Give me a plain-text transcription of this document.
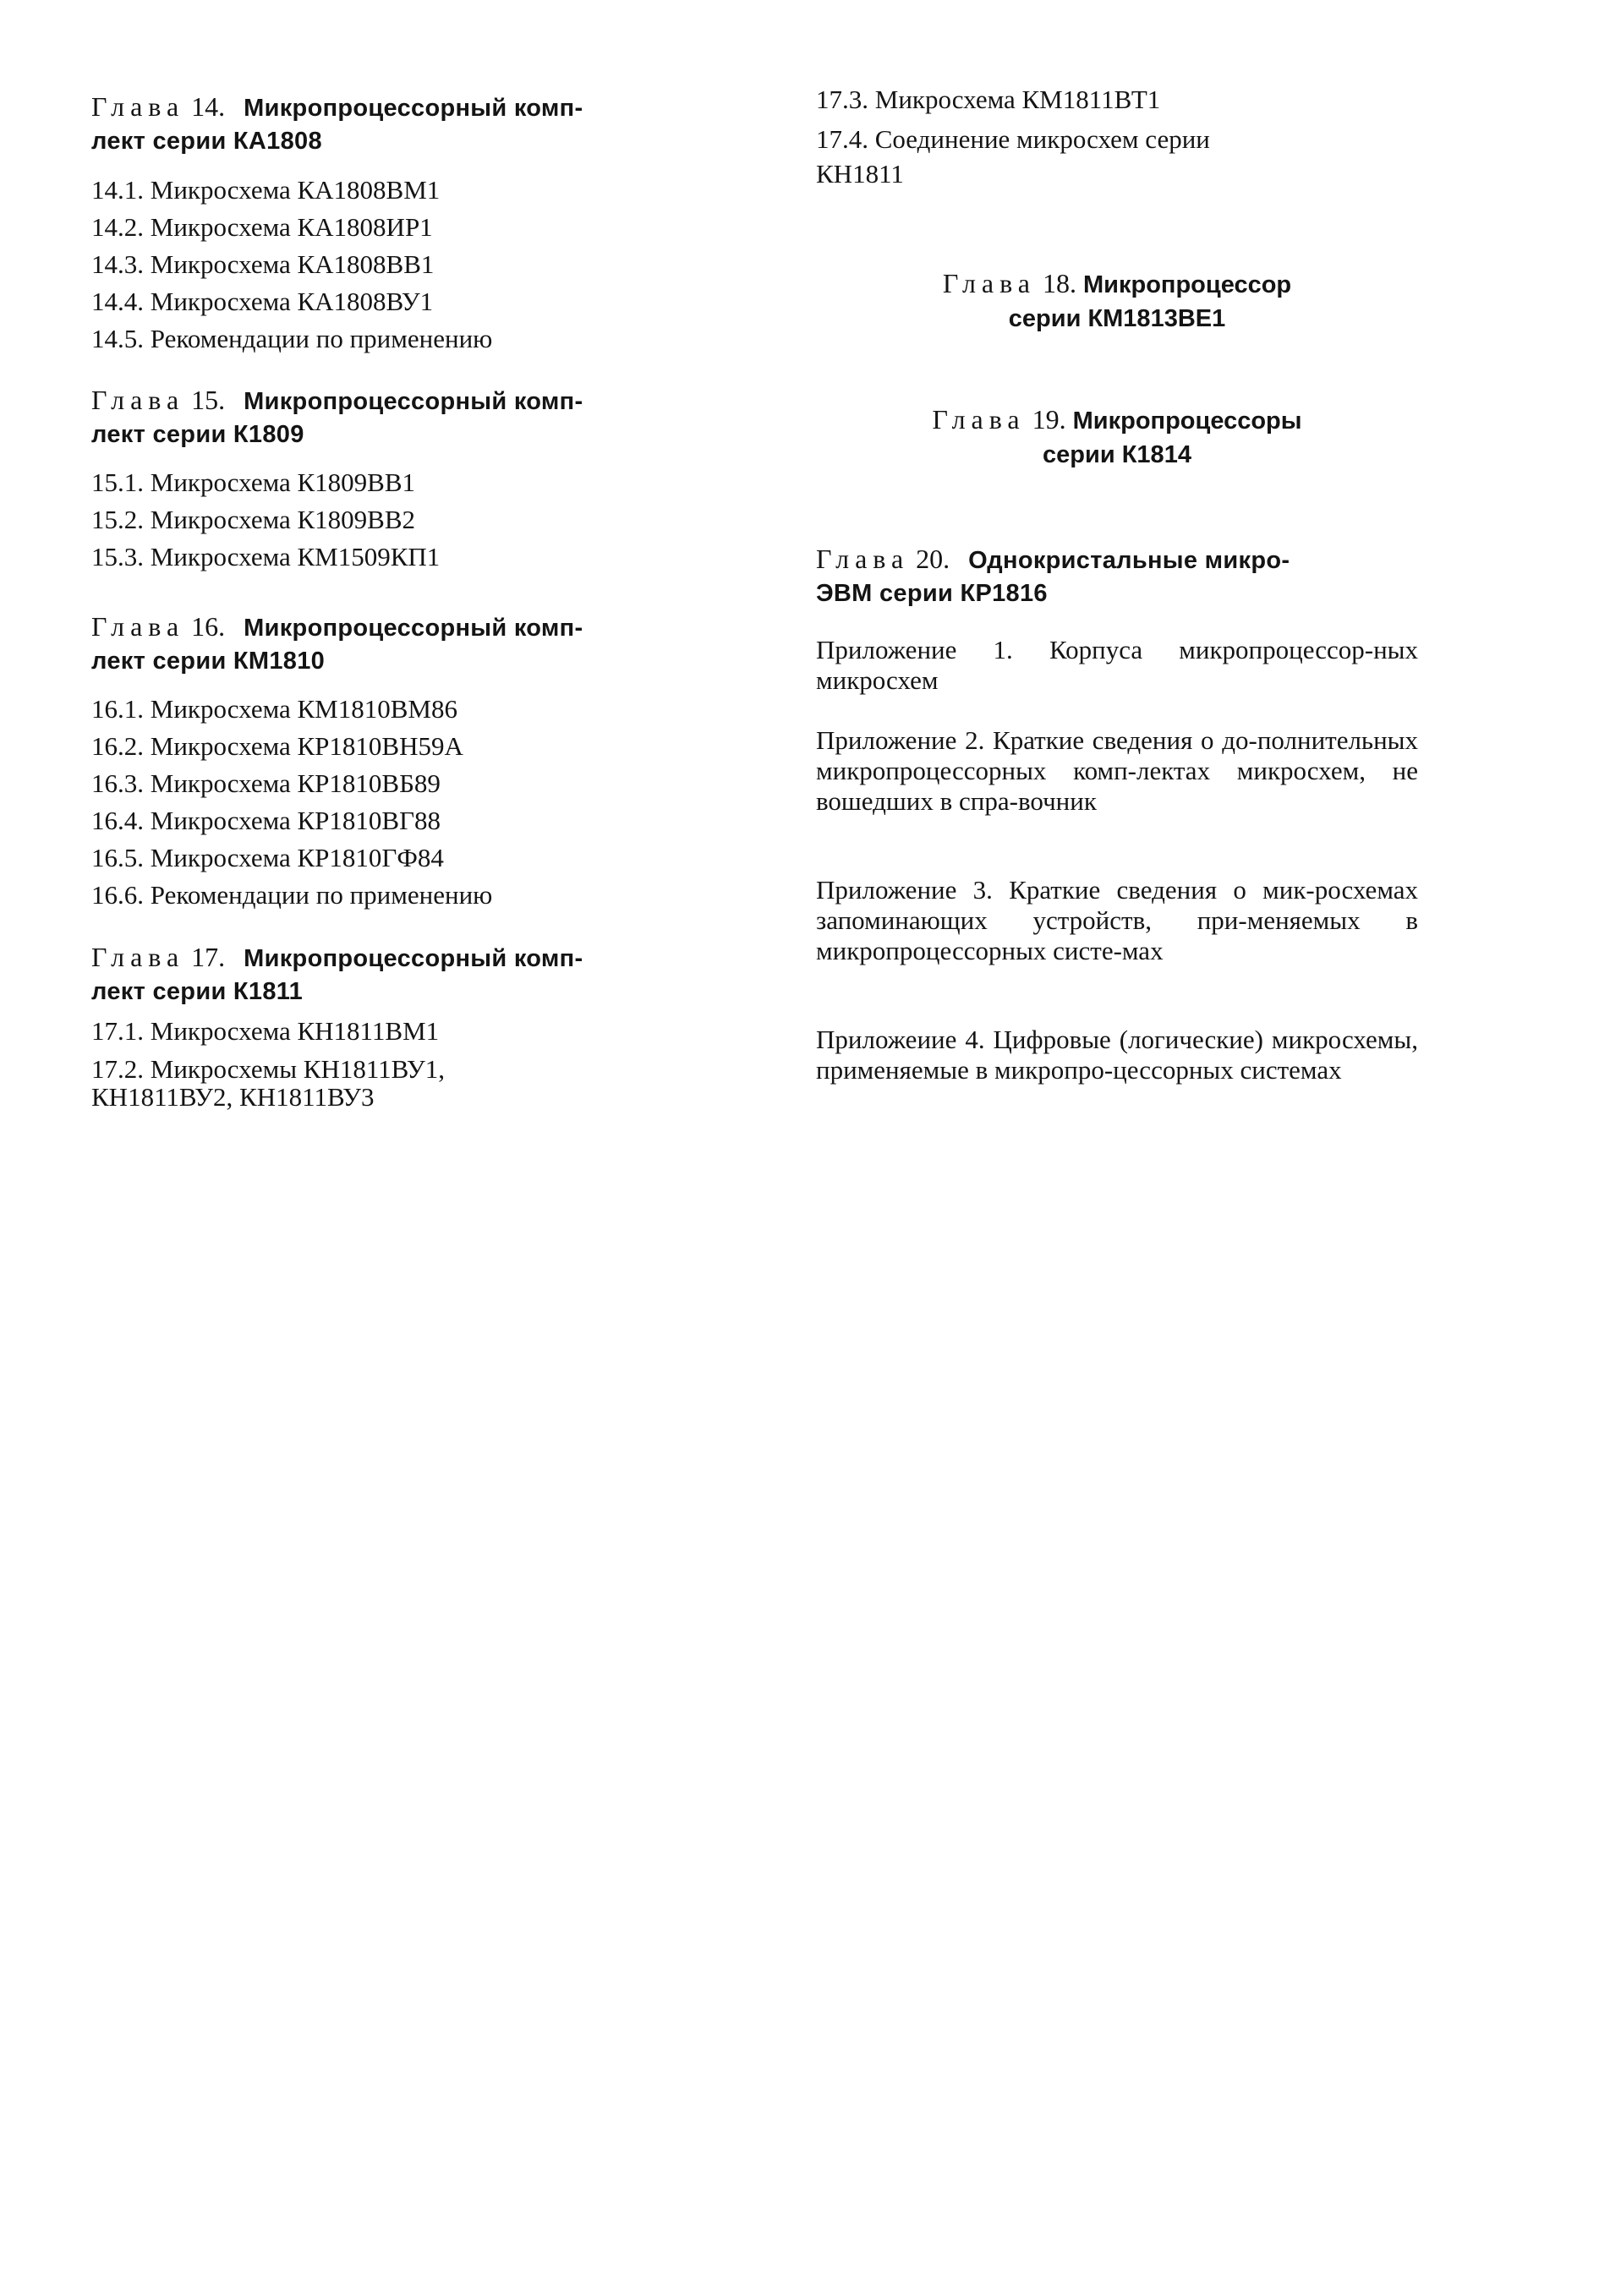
Глава 14. Микропроцессорный комп-
лект серии КА1808
14.1. Микросхема КА1808ВМ1
14.2. Микросхема КА1808ИР1
14.3. Микросхема КА1808ВВ1
14.4. Микросхема КА1808ВУ1
14.5. Рекомендации по применению
Глава 15. Микропроцессорный комп-
лект серии К1809
15.1. Микросхема К1809ВВ1
15.2. Микросхема К1809ВВ2
15.3. Микросхема КМ1509КП1
Глава 16. Микропроцессорный комп-
лект серии КМ1810
16.1. Микросхема КМ1810ВМ86
16.2. Микросхема КР1810ВН59А
16.3. Микросхема КР1810ВБ89
16.4. Микросхема КР1810ВГ88
16.5. Микросхема КР1810ГФ84
16.6. Рекомендации по применению
Глава 17. Микропроцессорный комп-
лект серии К1811
17.1. Микросхема КН1811ВМ1
17.2. Микросхемы КН1811ВУ1,
КН1811ВУ2, КН1811ВУ3
17.3. Микросхема КМ1811ВТ1
17.4. Соединение микросхем серии
КН1811
Глава 18. Микропроцессор
серии КМ1813ВЕ1
Глава 19. Микропроцессоры
серии К1814
Глава 20. Однокристальные микро-
ЭВМ серии КР1816
Приложение 1. Корпуса микропроцессор-ных микросхем
Приложение 2. Краткие сведения о до-полнительных микропроцессорных комп-лектах микросхем, не вошедших в спра-вочник
Приложение 3. Краткие сведения о мик-росхемах запоминающих устройств, при-меняемых в микропроцессорных систе-мах
Приложеиие 4. Цифровые (логические) микросхемы, применяемые в микропро-цессорных системах
